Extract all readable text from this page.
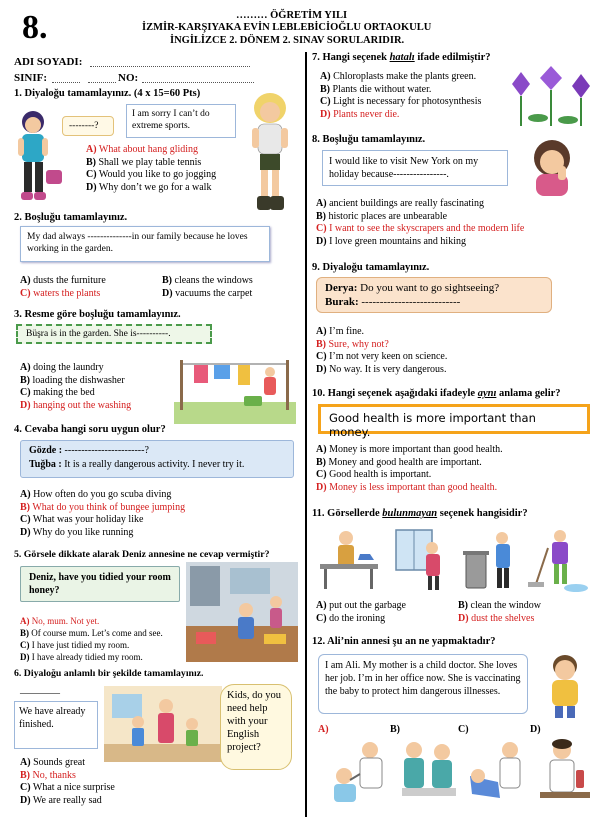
8.	……… ÖĞRETİM YILI
İZMİR-KARŞIYAKA EVİN LEBLEBİCİOĞLU ORTAOKULU
İNGİLİZCE 2. DÖNEM 2. SINAV SORULARIDIR.
ADI SOYADI:
SINIF:	NO:
1. Diyaloğu tamamlayınız. (4 x 15=60 Pts)
--------?
I am sorry I can’t do extreme sports.
A) What about hang gliding
B) Shall we play table tennis
C) Would you like to go jogging
D) Why don’t we go for a walk
2. Boşluğu tamamlayınız.
My dad always --------------in our family because he loves working in the garden.
A) dusts the furniture
C) waters the plants
B) cleans the windows
D) vacuums the carpet
3. Resme göre boşluğu tamamlayınız.
Büşra is in the garden. She is----------.
A) doing the laundry
B) loading the dishwasher
C) making the bed
D) hanging out the washing
4. Cevaba hangi soru uygun olur?
Gözde : ------------------------?
Tuğba : It is a really dangerous activity. I never try it.
A) How often do you go scuba diving
B) What do you think of bungee jumping
C) What was your holiday like
D) Why do you like running
5. Görsele dikkate alarak Deniz annesine ne cevap vermiştir?
Deniz, have you tidied your room honey?
A) No, mum. Not yet.
B) Of course mum. Let’s come and see.
C) I have just tidied my room.
D) I have already tidied my room.
6. Diyaloğu anlamlı bir şekilde tamamlayınız.
________
We have already finished.
Kids, do you need help with your English project?
A) Sounds great
B) No, thanks
C) What a nice surprise
D) We are really sad
7. Hangi seçenek hatalı ifade edilmiştir?
A) Chloroplasts make the plants green.
B) Plants die without water.
C) Light is necessary for photosynthesis
D) Plants never die.
8. Boşluğu tamamlayınız.
I would like to visit New York on my holiday because----------------.
A) ancient buildings are really fascinating
B) historic places are unbearable
C) I want to see the skyscrapers and the modern life
D) I love green mountains and hiking
9. Diyaloğu tamamlayınız.
Derya: Do you want to go sightseeing?
Burak: ---------------------------
A) I’m fine.
B) Sure, why not?
C) I’m not very keen on science.
D) No way. It is very dangerous.
10. Hangi seçenek aşağıdaki ifadeyle aynı anlama gelir?
Good health is more important than money.
A) Money is more important than good health.
B) Money and good health are important.
C) Good health is important.
D) Money is less important than good health.
11. Görsellerde bulunmayan seçenek hangisidir?
A) put out the garbage
C) do the ironing
B) clean the window
D) dust the shelves
12. Ali’nin annesi şu an ne yapmaktadır?
I am Ali. My mother is a child doctor. She loves her job. I’m in her office now. She is vaccinating the baby to protect him dangerous illnesses.
A)	B)	C)	D)
